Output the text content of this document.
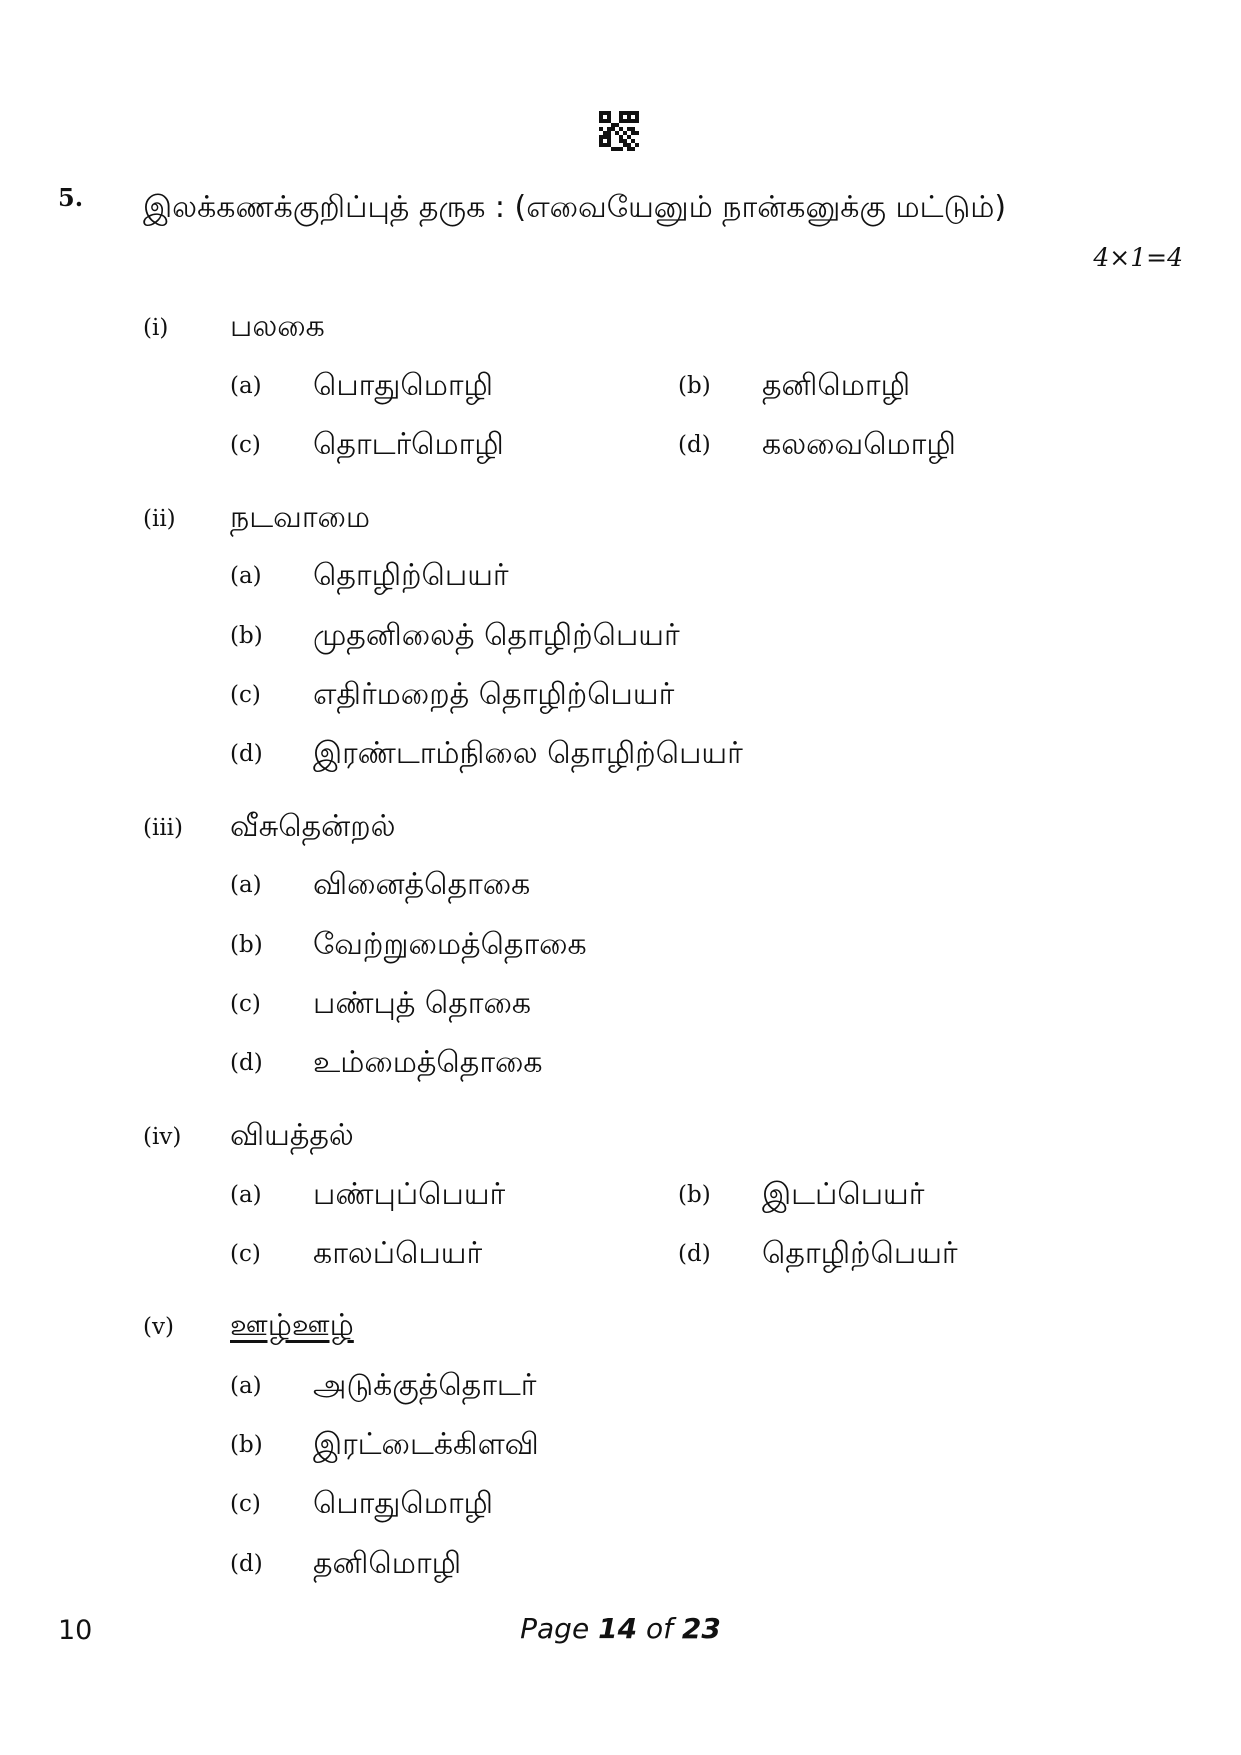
5. இலக்கணக்குறிப்புத் தருக : (எவையேனும் நான்கனுக்கு மட்டும்)
4×1=4
(i) பலகை
(a) பொதுமொழி	(b) தனிமொழி
(c) தொடர்மொழி	(d) கலவைமொழி
(ii) நடவாமை
(a) தொழிற்பெயர்
(b) முதனிலைத் தொழிற்பெயர்
(c) எதிர்மறைத் தொழிற்பெயர்
(d) இரண்டாம்நிலை தொழிற்பெயர்
(iii) வீசுதென்றல்
(a) வினைத்தொகை
(b) வேற்றுமைத்தொகை
(c) பண்புத் தொகை
(d) உம்மைத்தொகை
(iv) வியத்தல்
(a) பண்புப்பெயர்	(b) இடப்பெயர்
(c) காலப்பெயர்	(d) தொழிற்பெயர்
(v) ஊழ்ஊழ்
(a) அடுக்குத்தொடர்
(b) இரட்டைக்கிளவி
(c) பொதுமொழி
(d) தனிமொழி
10	Page 14 of 23
